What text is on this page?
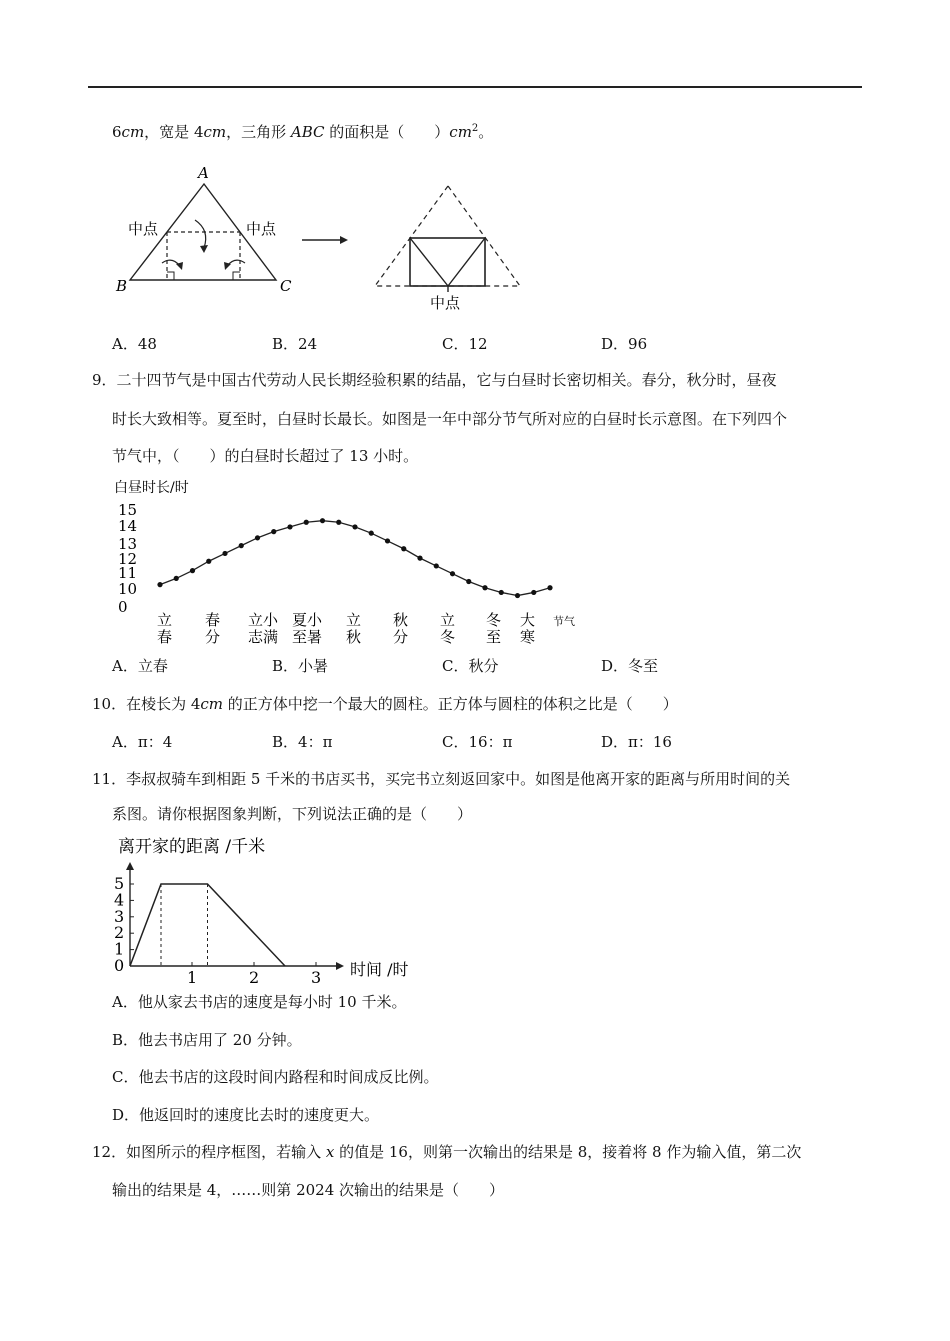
6cm，宽是 4cm，三角形 ABC 的面积是（　　）$cm^2$。
A
B	C
中点	中点
中点
A．48	B．24	C．12	D．96
9．二十四节气是中国古代劳动人民长期经验积累的结晶，它与白昼时长密切相关。春分，秋分时，昼夜
时长大致相等。夏至时，白昼时长最长。如图是一年中部分节气所对应的白昼时长示意图。在下列四个
节气中，（　　）的白昼时长超过了 13 小时。
白昼时长/时
15
14
13
12
11
10
0
立
春
春
分
立小
志满
夏小
至暑
立
秋
秋
分
立
冬
冬
至
大
寒
节气
A．立春	B．小暑	C．秋分	D．冬至
10．在棱长为 4cm 的正方体中挖一个最大的圆柱。正方体与圆柱的体积之比是（　　）
A．π：4	B．4：π	C．16：π	D．π：16
11．李叔叔骑车到相距 5 千米的书店买书，买完书立刻返回家中。如图是他离开家的距离与所用时间的关
系图。请你根据图象判断，下列说法正确的是（　　）
离开家的距离 /千米
5
4
3
2
1
0
1	2	3 时间 /时
A．他从家去书店的速度是每小时 10 千米。
B．他去书店用了 20 分钟。
C．他去书店的这段时间内路程和时间成反比例。
D．他返回时的速度比去时的速度更大。
12．如图所示的程序框图，若输入 x 的值是 16，则第一次输出的结果是 8，接着将 8 作为输入值，第二次
输出的结果是 4，……则第 2024 次输出的结果是（　　）
